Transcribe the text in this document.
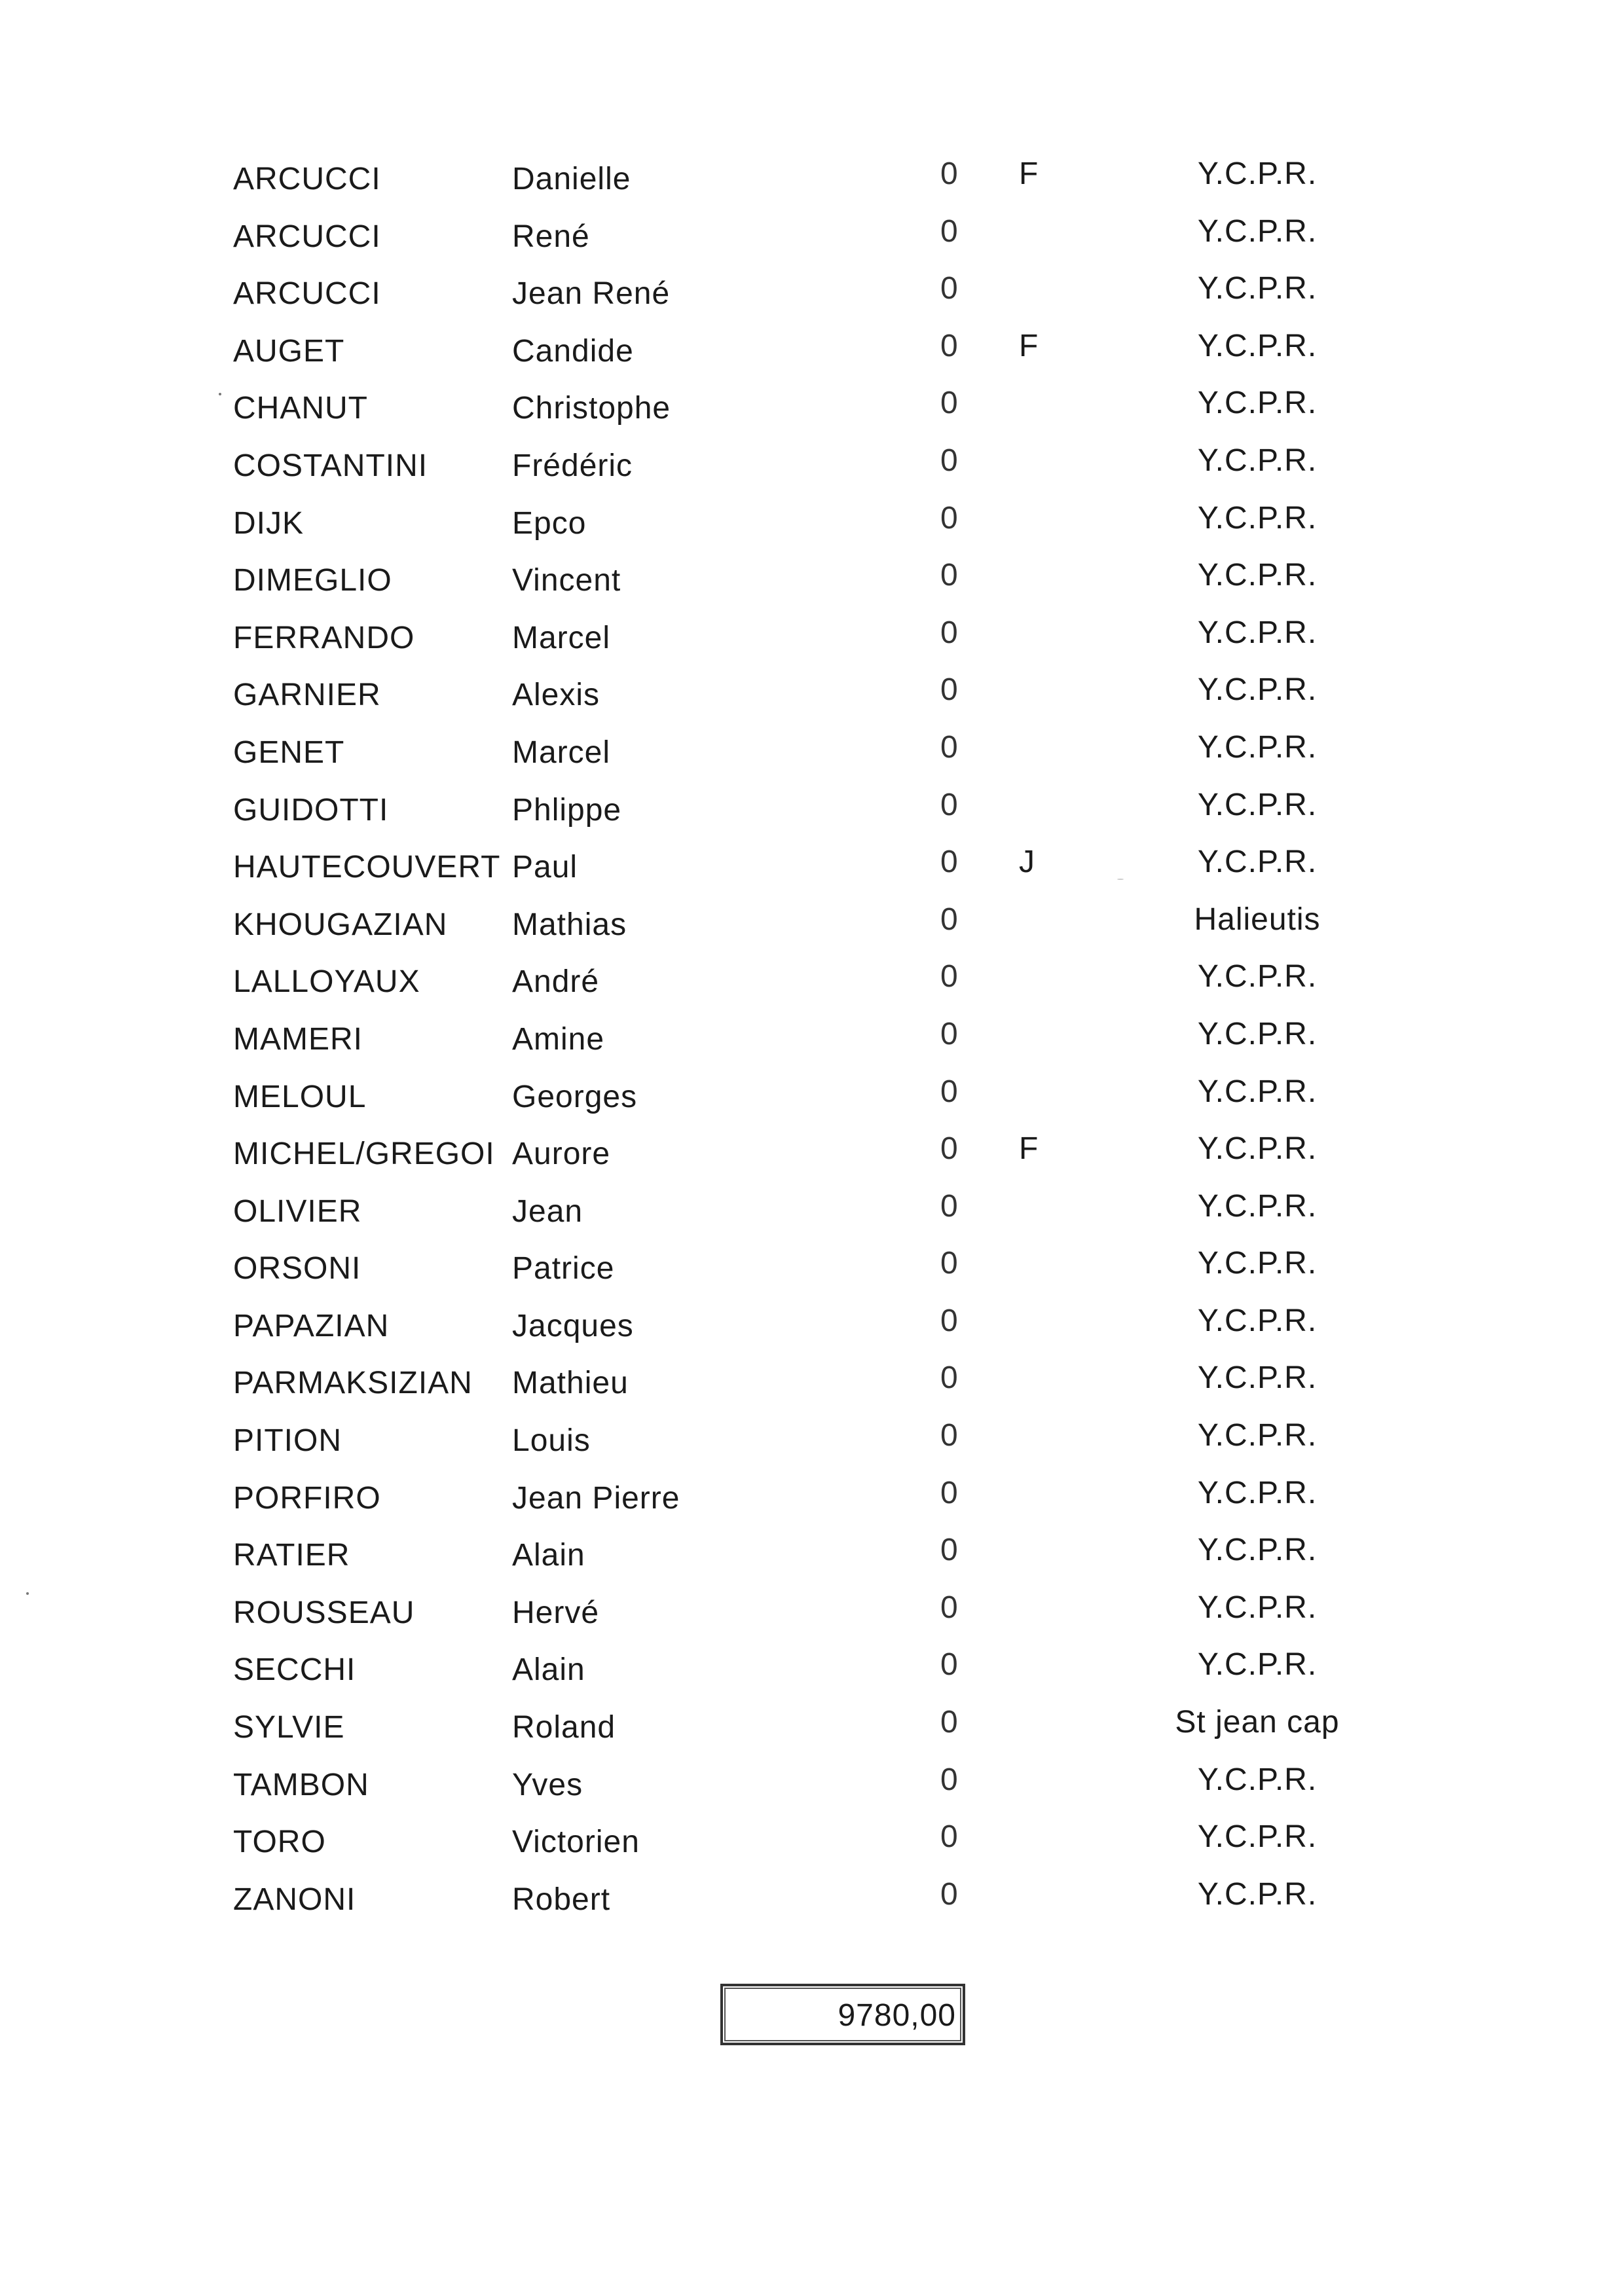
ARCUCCI	Danielle	0 F	Y.C.P.R.
ARCUCCI	René	0	Y.C.P.R.
ARCUCCI	Jean René	0	Y.C.P.R.
AUGET	Candide	0 F	Y.C.P.R.
CHANUT	Christophe	0	Y.C.P.R.
COSTANTINI	Frédéric	0	Y.C.P.R.
DIJK	Epco	0	Y.C.P.R.
DIMEGLIO	Vincent	0	Y.C.P.R.
FERRANDO	Marcel	0	Y.C.P.R.
GARNIER	Alexis	0	Y.C.P.R.
GENET	Marcel	0	Y.C.P.R.
GUIDOTTI	Phlippe	0	Y.C.P.R.
HAUTECOUVERT Paul	0 J	Y.C.P.R.
KHOUGAZIAN	Mathias	0	Halieutis
LALLOYAUX	André	0	Y.C.P.R.
MAMERI	Amine	0	Y.C.P.R.
MELOUL	Georges	0	Y.C.P.R.
MICHEL/GREGOI Aurore	0 F	Y.C.P.R.
OLIVIER	Jean	0	Y.C.P.R.
ORSONI	Patrice	0	Y.C.P.R.
PAPAZIAN	Jacques	0	Y.C.P.R.
PARMAKSIZIAN	Mathieu	0	Y.C.P.R.
PITION	Louis	0	Y.C.P.R.
PORFIRO	Jean Pierre	0	Y.C.P.R.
RATIER	Alain	0	Y.C.P.R.
ROUSSEAU	Hervé	0	Y.C.P.R.
SECCHI	Alain	0	Y.C.P.R.
SYLVIE	Roland	0	St jean cap
TAMBON	Yves	0	Y.C.P.R.
TORO	Victorien	0	Y.C.P.R.
ZANONI	Robert	0	Y.C.P.R.
9780,00
